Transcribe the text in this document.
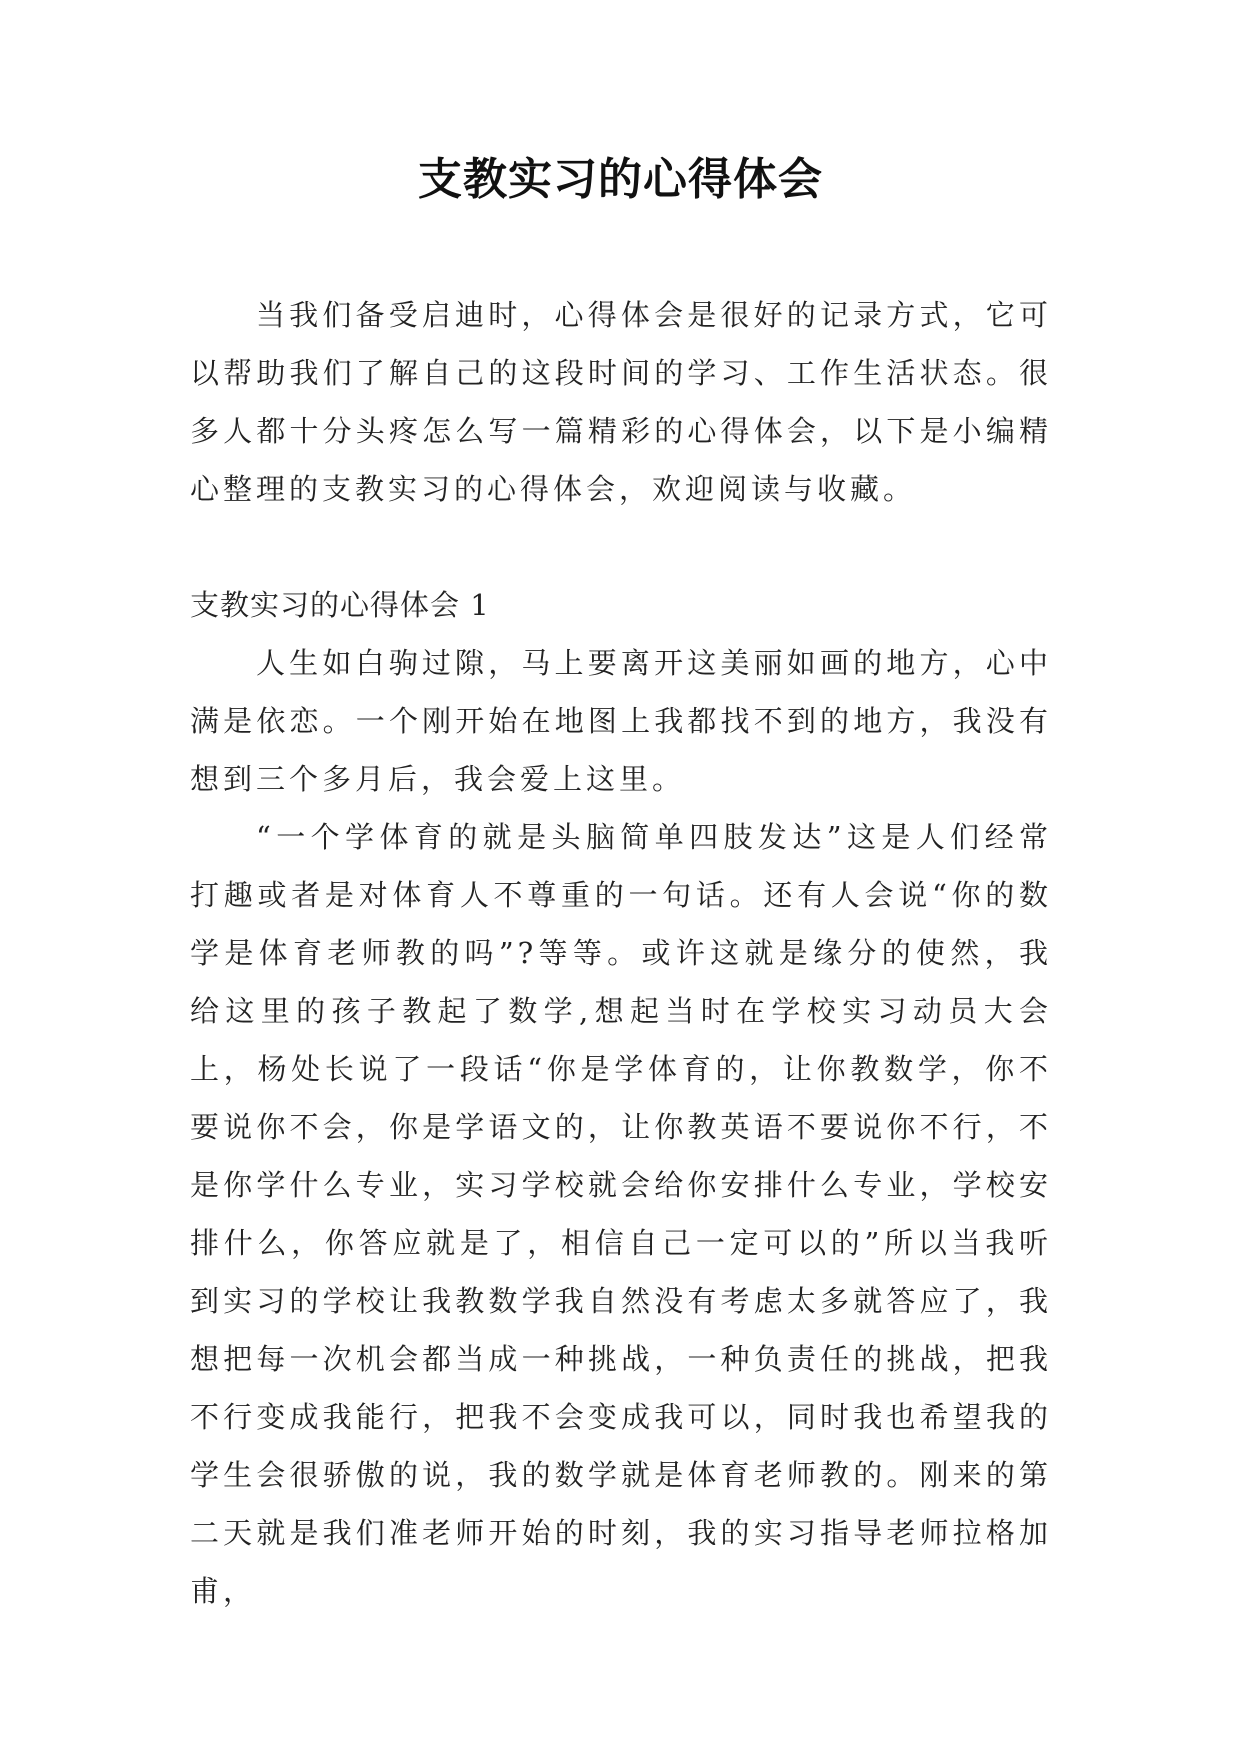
支教实习的心得体会

当我们备受启迪时，心得体会是很好的记录方式，它可以帮助我们了解自己的这段时间的学习、工作生活状态。很多人都十分头疼怎么写一篇精彩的心得体会，以下是小编精心整理的支教实习的心得体会，欢迎阅读与收藏。

支教实习的心得体会 1

人生如白驹过隙，马上要离开这美丽如画的地方，心中满是依恋。一个刚开始在地图上我都找不到的地方，我没有想到三个多月后，我会爱上这里。

“一个学体育的就是头脑简单四肢发达”这是人们经常打趣或者是对体育人不尊重的一句话。还有人会说“你的数学是体育老师教的吗”?等等。或许这就是缘分的使然，我给这里的孩子教起了数学,想起当时在学校实习动员大会上，杨处长说了一段话“你是学体育的，让你教数学，你不要说你不会，你是学语文的，让你教英语不要说你不行，不是你学什么专业，实习学校就会给你安排什么专业，学校安排什么，你答应就是了，相信自己一定可以的”所以当我听到实习的学校让我教数学我自然没有考虑太多就答应了，我想把每一次机会都当成一种挑战，一种负责任的挑战，把我不行变成我能行，把我不会变成我可以，同时我也希望我的学生会很骄傲的说，我的数学就是体育老师教的。刚来的第二天就是我们准老师开始的时刻，我的实习指导老师拉格加甫，
